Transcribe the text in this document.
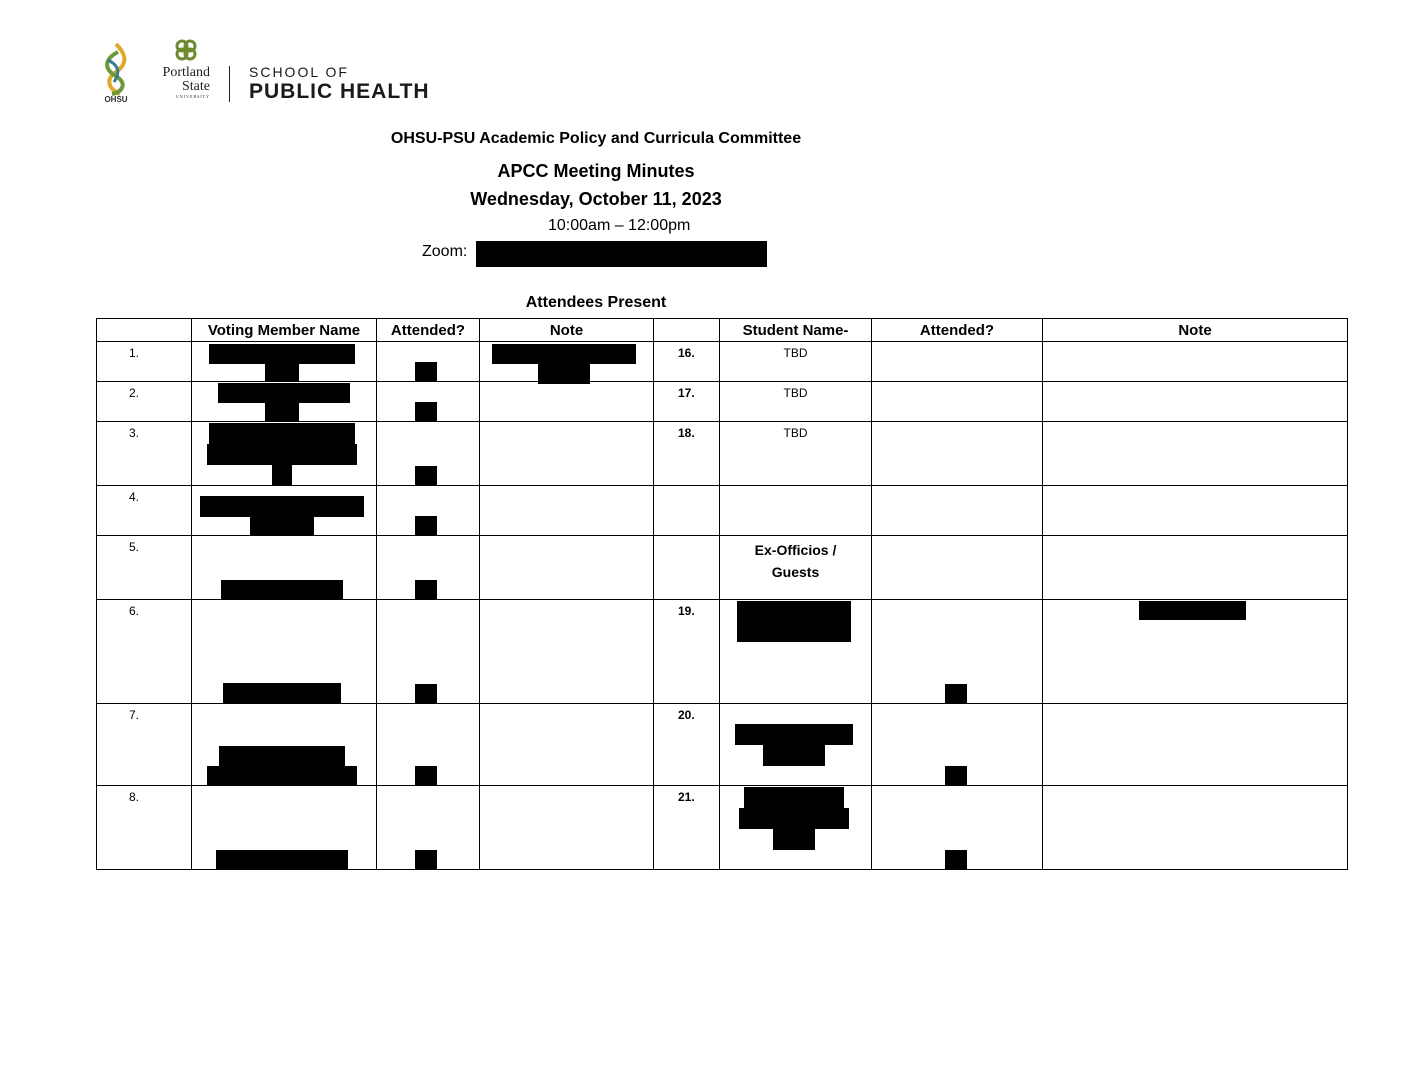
OHSU
Portland
State
UNIVERSITY
SCHOOL OF
PUBLIC HEALTH
OHSU-PSU Academic Policy and Curricula Committee
APCC Meeting Minutes
Wednesday, October 11, 2023
10:00am – 12:00pm
Zoom:
Attendees Present
	Voting Member Name	Attended?	Note		Student Name-	Attended?	Note

1.				16.	TBD		

2.				17.	TBD		

3.				18.	TBD		

4.							

5.					Ex-Officios /
Guests		

6.				19.			

7.				20.			

8.				21.			
